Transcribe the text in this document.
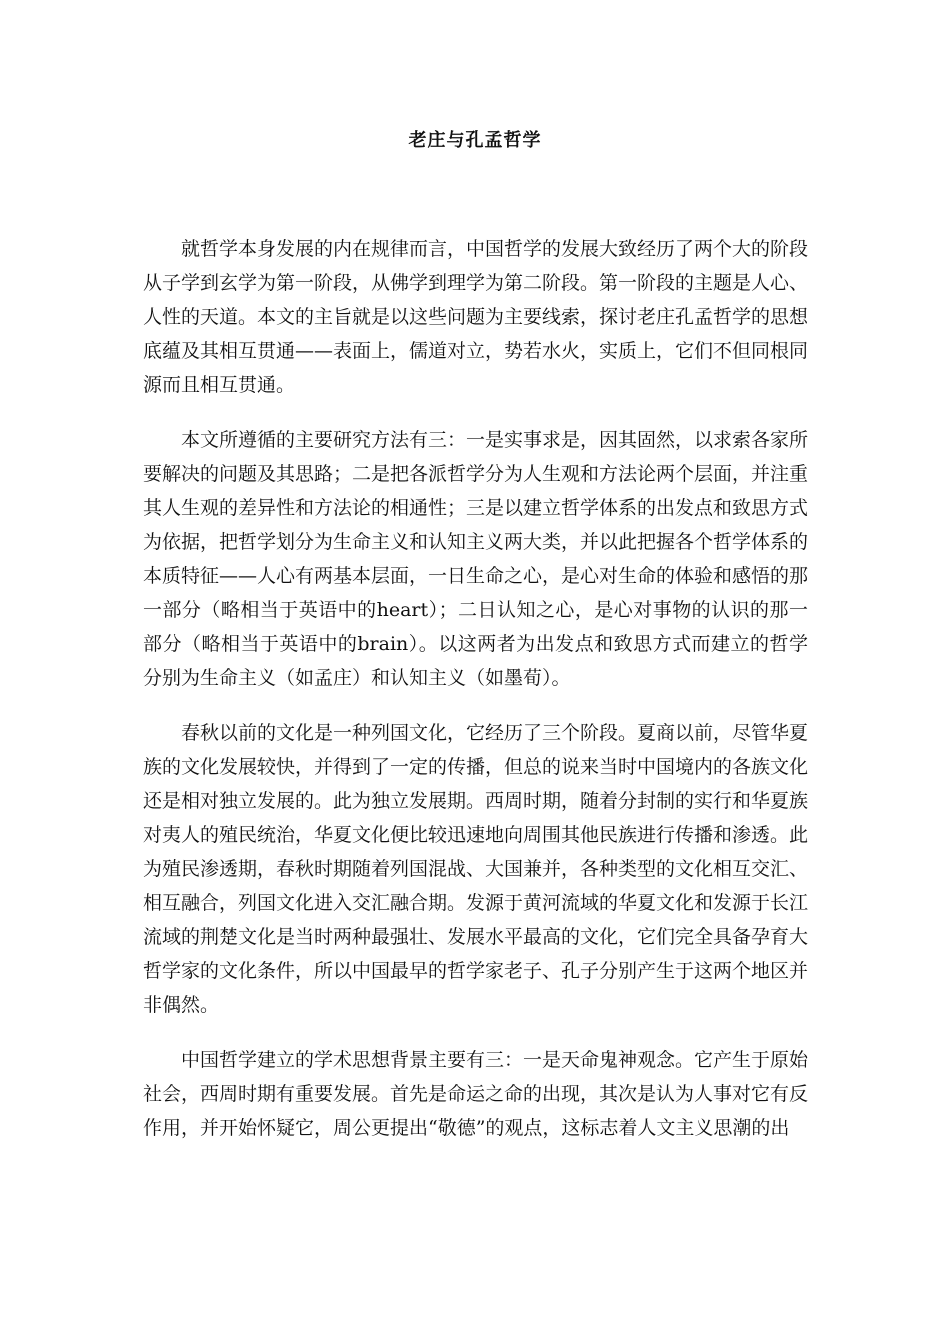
老庄与孔孟哲学

就哲学本身发展的内在规律而言，中国哲学的发展大致经历了两个大的阶段从子学到玄学为第一阶段，从佛学到理学为第二阶段。第一阶段的主题是人心、人性的天道。本文的主旨就是以这些问题为主要线索，探讨老庄孔孟哲学的思想底蕴及其相互贯通——表面上，儒道对立，势若水火，实质上，它们不但同根同源而且相互贯通。

本文所遵循的主要研究方法有三：一是实事求是，因其固然，以求索各家所要解决的问题及其思路；二是把各派哲学分为人生观和方法论两个层面，并注重其人生观的差异性和方法论的相通性；三是以建立哲学体系的出发点和致思方式为依据，把哲学划分为生命主义和认知主义两大类，并以此把握各个哲学体系的本质特征——人心有两基本层面，一日生命之心，是心对生命的体验和感悟的那一部分（略相当于英语中的heart）；二日认知之心，是心对事物的认识的那一部分（略相当于英语中的brain）。以这两者为出发点和致思方式而建立的哲学分别为生命主义（如孟庄）和认知主义（如墨荀）。

春秋以前的文化是一种列国文化，它经历了三个阶段。夏商以前，尽管华夏族的文化发展较快，并得到了一定的传播，但总的说来当时中国境内的各族文化还是相对独立发展的。此为独立发展期。西周时期，随着分封制的实行和华夏族对夷人的殖民统治，华夏文化便比较迅速地向周围其他民族进行传播和渗透。此为殖民渗透期，春秋时期随着列国混战、大国兼并，各种类型的文化相互交汇、相互融合，列国文化进入交汇融合期。发源于黄河流域的华夏文化和发源于长江流域的荆楚文化是当时两种最强壮、发展水平最高的文化，它们完全具备孕育大哲学家的文化条件，所以中国最早的哲学家老子、孔子分别产生于这两个地区并非偶然。

中国哲学建立的学术思想背景主要有三：一是天命鬼神观念。它产生于原始社会，西周时期有重要发展。首先是命运之命的出现，其次是认为人事对它有反作用，并开始怀疑它，周公更提出“敬德”的观点，这标志着人文主义思潮的出
